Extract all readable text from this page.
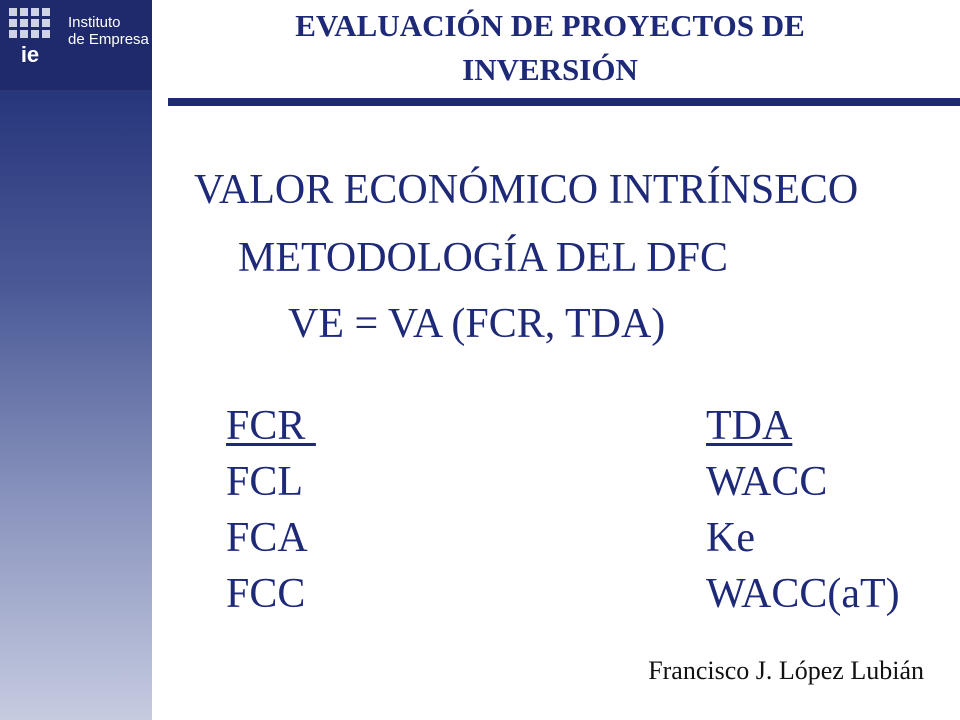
ie
Instituto
de Empresa	EVALUACIÓN DE PROYECTOS DE
INVERSIÓN
VALOR ECONÓMICO INTRÍNSECO
METODOLOGÍA DEL DFC
VE = VA (FCR, TDA)
FCR
FCL
FCA
FCC
TDA
WACC
Ke
WACC(aT)
Francisco J. López Lubián
